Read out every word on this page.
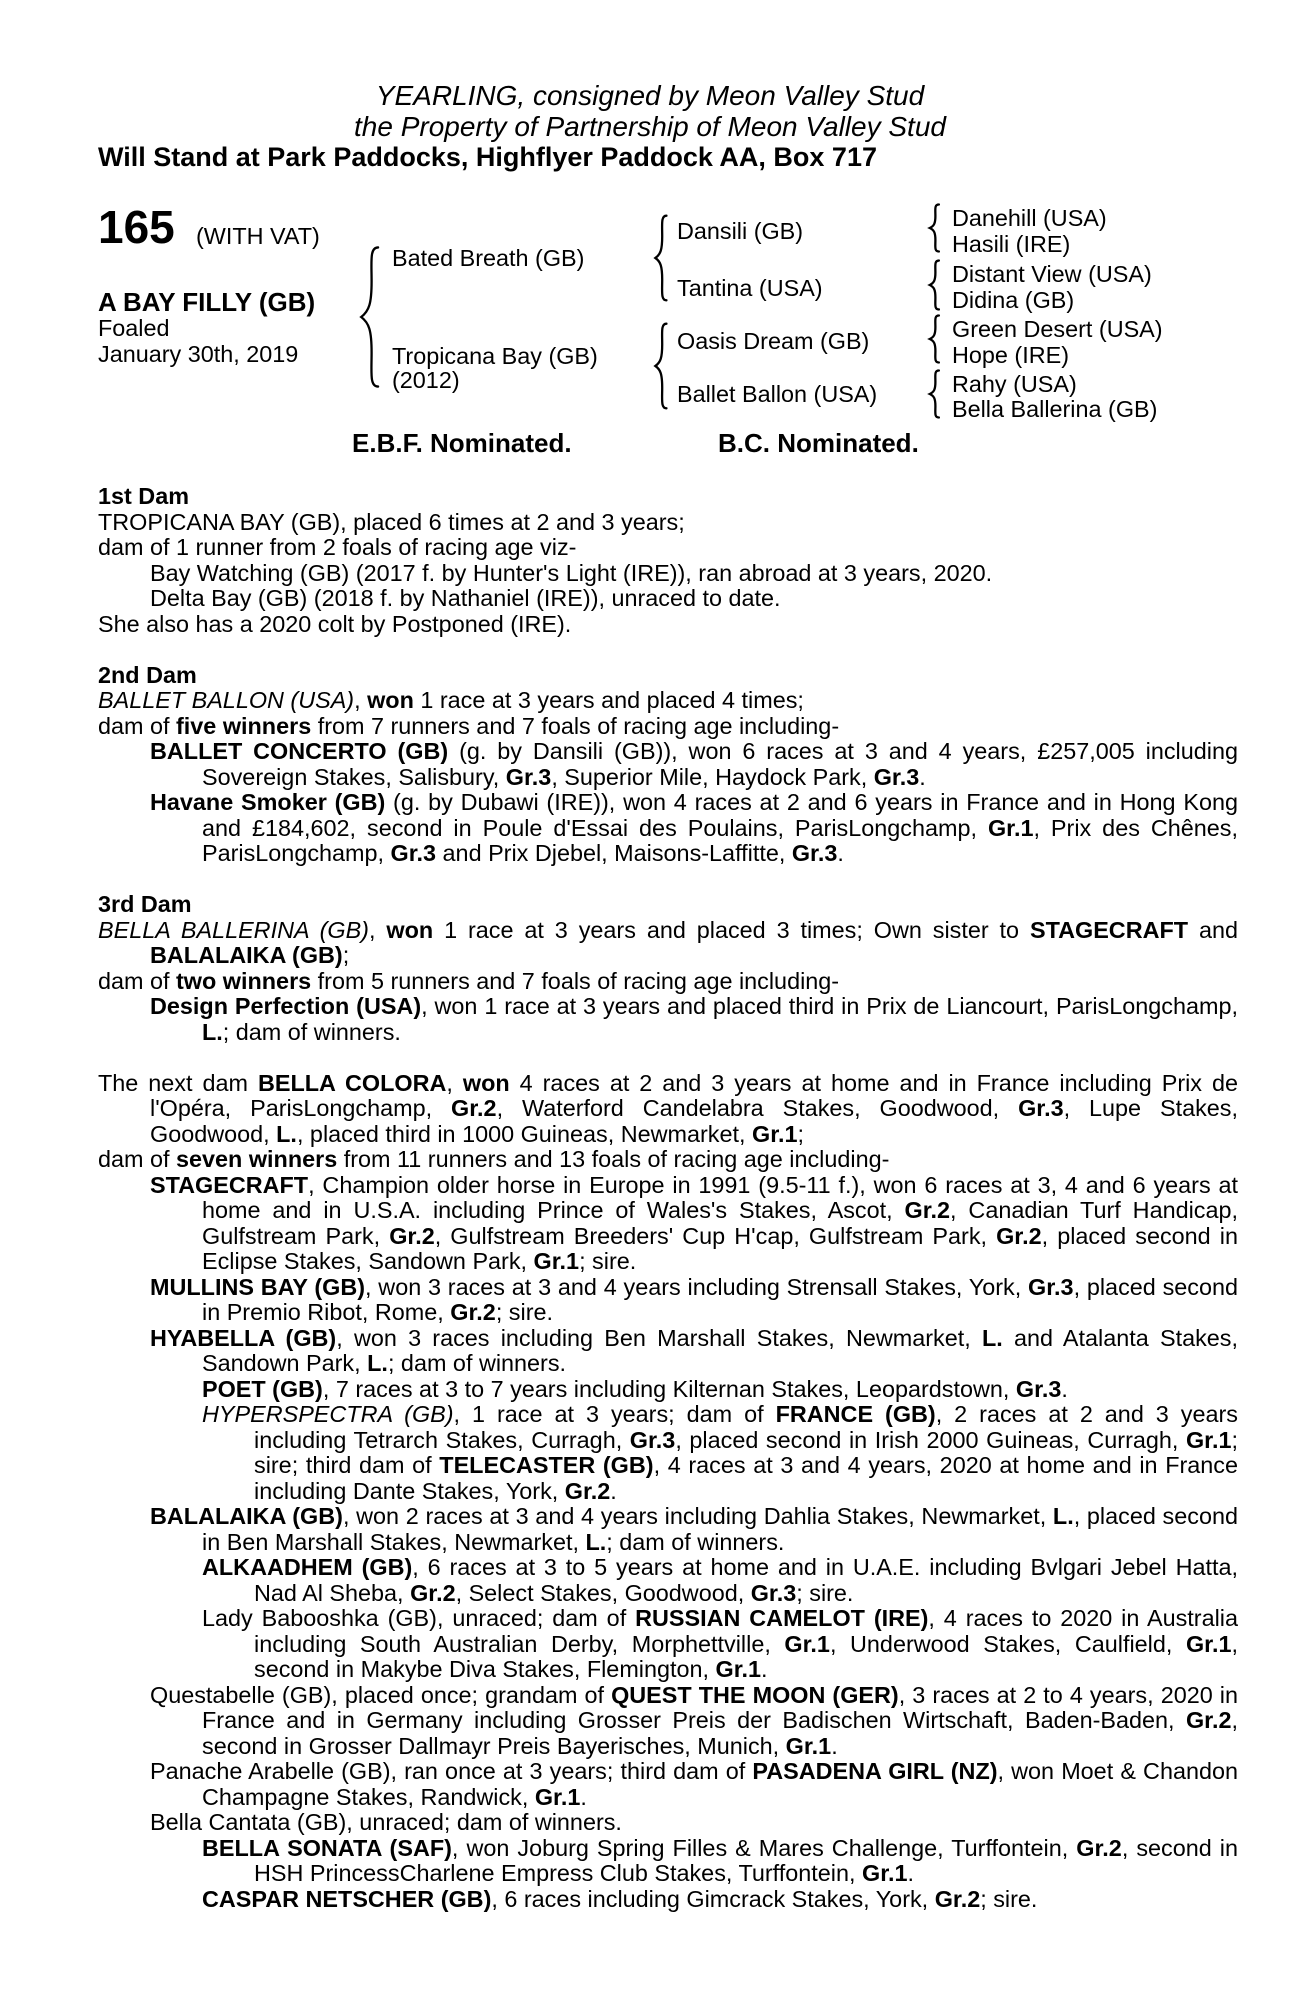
YEARLING, consigned by Meon Valley Stud
the Property of Partnership of Meon Valley Stud
Will Stand at Park Paddocks, Highflyer Paddock AA, Box 717
165 (WITH VAT)
A BAY FILLY (GB)
Foaled
January 30th, 2019
Bated Breath (GB)
Tropicana Bay (GB)
(2012)
Dansili (GB)
Tantina (USA)
Oasis Dream (GB)
Ballet Ballon (USA)
Danehill (USA)
Hasili (IRE)
Distant View (USA)
Didina (GB)
Green Desert (USA)
Hope (IRE)
Rahy (USA)
Bella Ballerina (GB)
E.B.F. Nominated.	B.C. Nominated.
1st Dam

TROPICANA BAY (GB), placed 6 times at 2 and 3 years;

dam of 1 runner from 2 foals of racing age viz-

Bay Watching (GB) (2017 f. by Hunter's Light (IRE)), ran abroad at 3 years, 2020.

Delta Bay (GB) (2018 f. by Nathaniel (IRE)), unraced to date.

She also has a 2020 colt by Postponed (IRE).

2nd Dam

BALLET BALLON (USA), won 1 race at 3 years and placed 4 times;

dam of five winners from 7 runners and 7 foals of racing age including-

BALLET CONCERTO (GB) (g. by Dansili (GB)), won 6 races at 3 and 4 years, £257,005 including Sovereign Stakes, Salisbury, Gr.3, Superior Mile, Haydock Park, Gr.3.

Havane Smoker (GB) (g. by Dubawi (IRE)), won 4 races at 2 and 6 years in France and in Hong Kong and £184,602, second in Poule d'Essai des Poulains, ParisLongchamp, Gr.1, Prix des Chênes, ParisLongchamp, Gr.3 and Prix Djebel, Maisons-Laffitte, Gr.3.

3rd Dam

BELLA BALLERINA (GB), won 1 race at 3 years and placed 3 times; Own sister to STAGECRAFT and BALALAIKA (GB);

dam of two winners from 5 runners and 7 foals of racing age including-

Design Perfection (USA), won 1 race at 3 years and placed third in Prix de Liancourt, ParisLongchamp, L.; dam of winners.

The next dam BELLA COLORA, won 4 races at 2 and 3 years at home and in France including Prix de l'Opéra, ParisLongchamp, Gr.2, Waterford Candelabra Stakes, Goodwood, Gr.3, Lupe Stakes, Goodwood, L., placed third in 1000 Guineas, Newmarket, Gr.1;

dam of seven winners from 11 runners and 13 foals of racing age including-

STAGECRAFT, Champion older horse in Europe in 1991 (9.5-11 f.), won 6 races at 3, 4 and 6 years at home and in U.S.A. including Prince of Wales's Stakes, Ascot, Gr.2, Canadian Turf Handicap, Gulfstream Park, Gr.2, Gulfstream Breeders' Cup H'cap, Gulfstream Park, Gr.2, placed second in Eclipse Stakes, Sandown Park, Gr.1; sire.

MULLINS BAY (GB), won 3 races at 3 and 4 years including Strensall Stakes, York, Gr.3, placed second in Premio Ribot, Rome, Gr.2; sire.

HYABELLA (GB), won 3 races including Ben Marshall Stakes, Newmarket, L. and Atalanta Stakes, Sandown Park, L.; dam of winners.

POET (GB), 7 races at 3 to 7 years including Kilternan Stakes, Leopardstown, Gr.3.

HYPERSPECTRA (GB), 1 race at 3 years; dam of FRANCE (GB), 2 races at 2 and 3 years including Tetrarch Stakes, Curragh, Gr.3, placed second in Irish 2000 Guineas, Curragh, Gr.1; sire; third dam of TELECASTER (GB), 4 races at 3 and 4 years, 2020 at home and in France including Dante Stakes, York, Gr.2.

BALALAIKA (GB), won 2 races at 3 and 4 years including Dahlia Stakes, Newmarket, L., placed second in Ben Marshall Stakes, Newmarket, L.; dam of winners.

ALKAADHEM (GB), 6 races at 3 to 5 years at home and in U.A.E. including Bvlgari Jebel Hatta, Nad Al Sheba, Gr.2, Select Stakes, Goodwood, Gr.3; sire.

Lady Babooshka (GB), unraced; dam of RUSSIAN CAMELOT (IRE), 4 races to 2020 in Australia including South Australian Derby, Morphettville, Gr.1, Underwood Stakes, Caulfield, Gr.1, second in Makybe Diva Stakes, Flemington, Gr.1.

Questabelle (GB), placed once; grandam of QUEST THE MOON (GER), 3 races at 2 to 4 years, 2020 in France and in Germany including Grosser Preis der Badischen Wirtschaft, Baden-Baden, Gr.2, second in Grosser Dallmayr Preis Bayerisches, Munich, Gr.1.

Panache Arabelle (GB), ran once at 3 years; third dam of PASADENA GIRL (NZ), won Moet & Chandon Champagne Stakes, Randwick, Gr.1.

Bella Cantata (GB), unraced; dam of winners.

BELLA SONATA (SAF), won Joburg Spring Filles & Mares Challenge, Turffontein, Gr.2, second in HSH PrincessCharlene Empress Club Stakes, Turffontein, Gr.1.

CASPAR NETSCHER (GB), 6 races including Gimcrack Stakes, York, Gr.2; sire.
